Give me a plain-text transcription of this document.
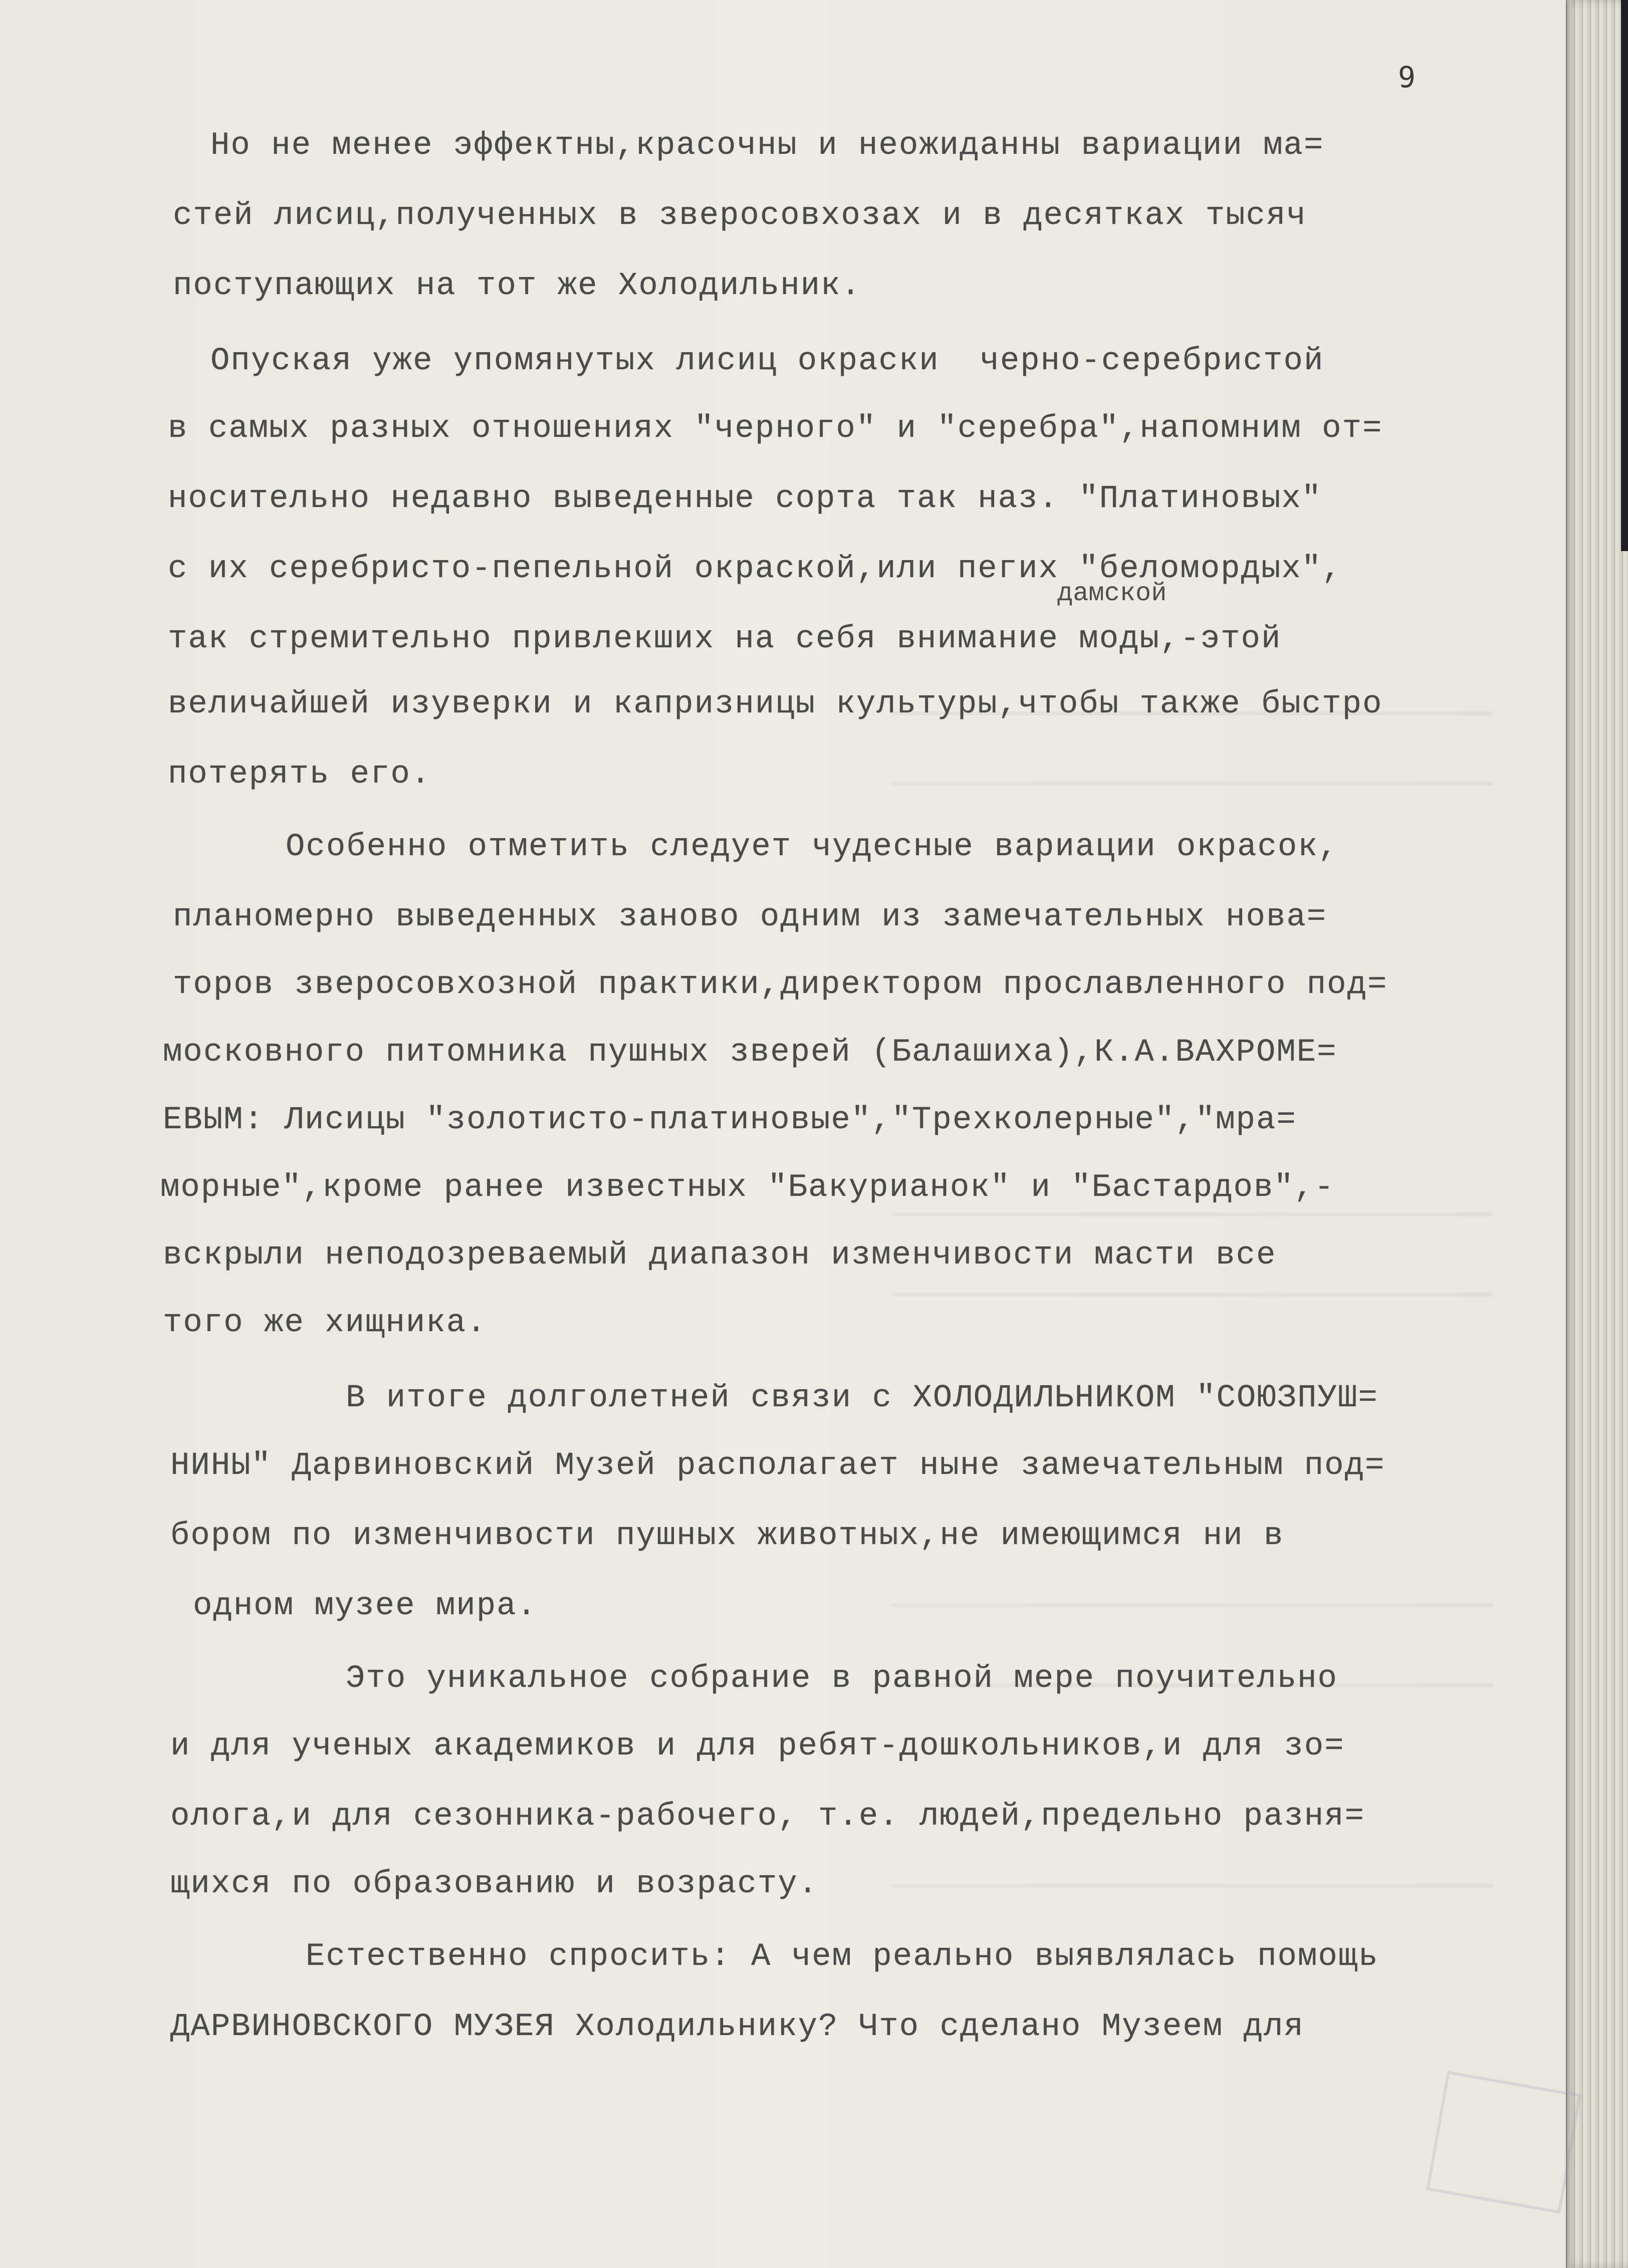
9
Но не менее эффектны,красочны и неожиданны вариации ма=
стей лисиц,полученных в зверосовхозах и в десятках тысяч
поступающих на тот же Холодильник.
Опуская уже упомянутых лисиц окраски  черно-серебристой
в самых разных отношениях "черного" и "серебра",напомним от=
носительно недавно выведенные сорта так наз. "Платиновых"
с их серебристо-пепельной окраской,или пегих "беломордых",
дамской
так стремительно привлекших на себя внимание моды,-этой
величайшей изуверки и капризницы культуры,чтобы также быстро
потерять его.
Особенно отметить следует чудесные вариации окрасок,
планомерно выведенных заново одним из замечательных нова=
торов зверосовхозной практики,директором прославленного под=
московного питомника пушных зверей (Балашиха),К.А.ВАХРОМЕ=
ЕВЫМ: Лисицы "золотисто-платиновые","Трехколерные","мра=
морные",кроме ранее известных "Бакурианок" и "Бастардов",-
вскрыли неподозреваемый диапазон изменчивости масти все
того же хищника.
В итоге долголетней связи с ХОЛОДИЛЬНИКОМ "СОЮЗПУШ=
НИНЫ" Дарвиновский Музей располагает ныне замечательным под=
бором по изменчивости пушных животных,не имеющимся ни в
одном музее мира.
Это уникальное собрание в равной мере поучительно
и для ученых академиков и для ребят-дошкольников,и для зо=
олога,и для сезонника-рабочего, т.е. людей,предельно разня=
щихся по образованию и возрасту.
Естественно спросить: А чем реально выявлялась помощь
ДАРВИНОВСКОГО МУЗЕЯ Холодильнику? Что сделано Музеем для
